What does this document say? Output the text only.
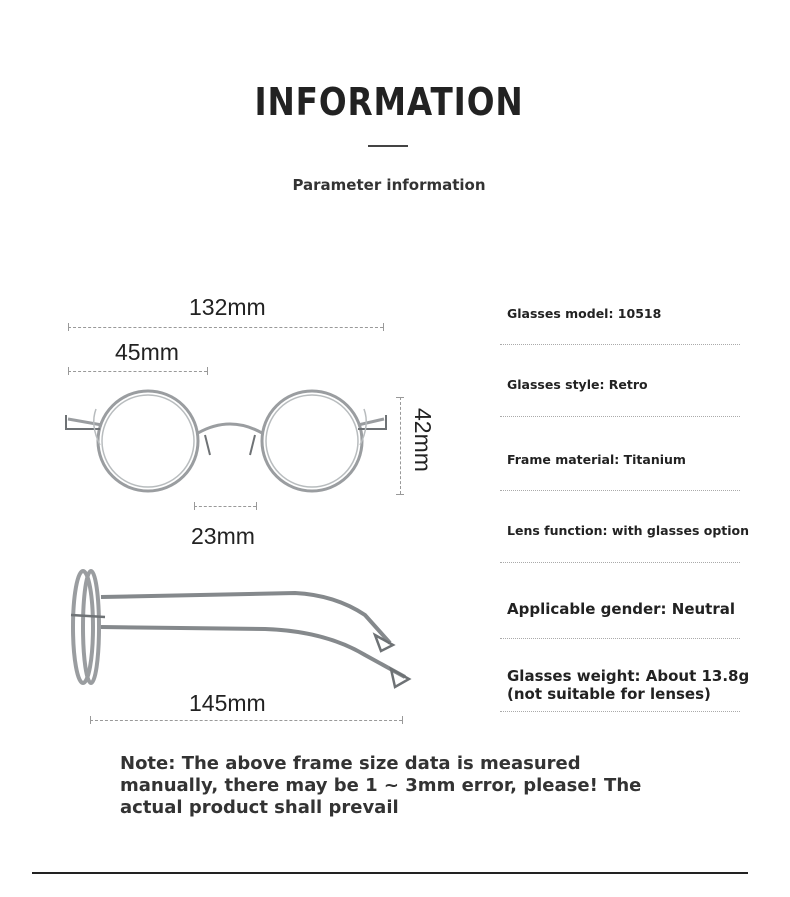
INFORMATION
Parameter information
132mm
45mm
42mm
23mm
145mm
Glasses model: 10518
Glasses style: Retro
Frame material: Titanium
Lens function: with glasses option
Applicable gender: Neutral
Glasses weight: About 13.8g
(not suitable for lenses)
Note: The above frame size data is measured manually, there may be 1 ~ 3mm error, please! The actual product shall prevail
